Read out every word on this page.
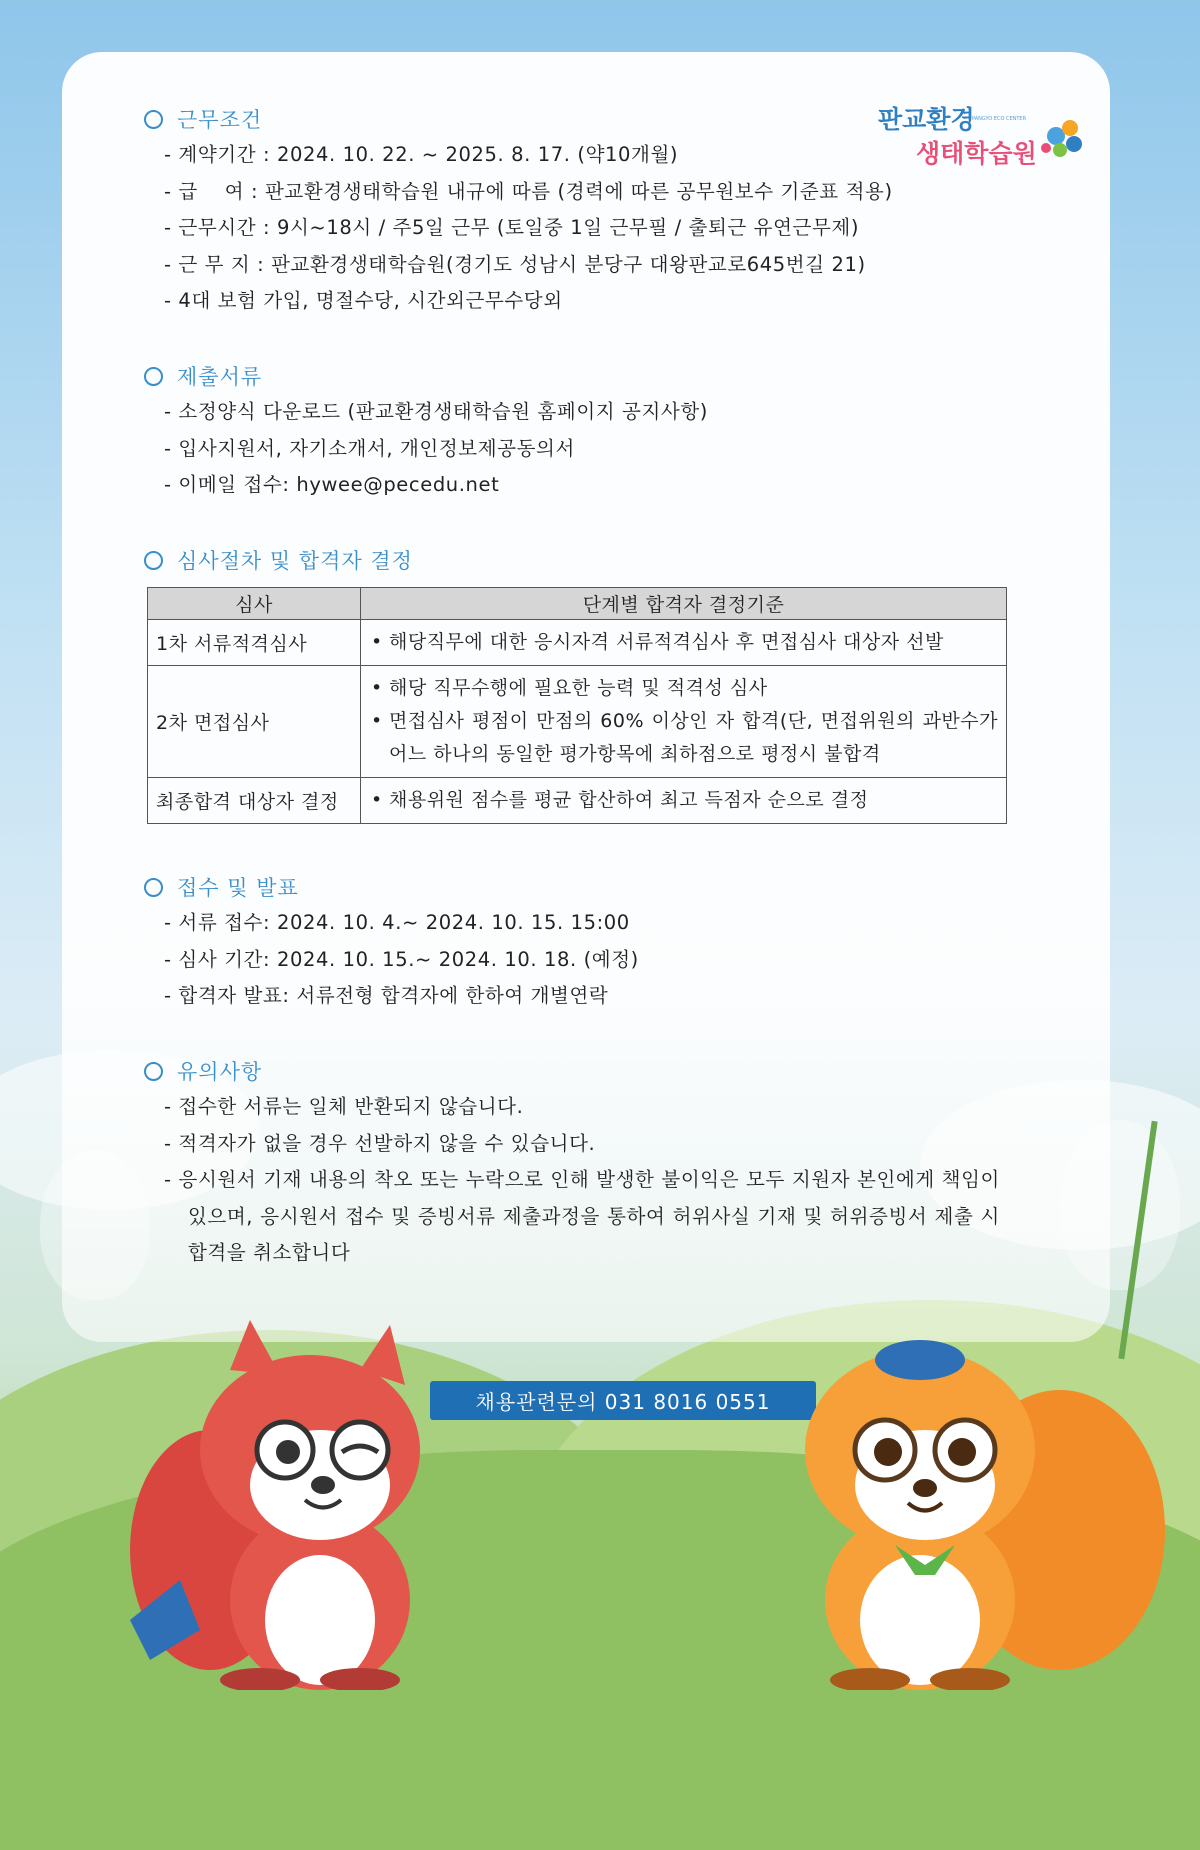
판교환경
PANGYO ECO CENTER
생태학습원
근무조건
- 계약기간 : 2024. 10. 22. ~ 2025. 8. 17. (약10개월)
- 급　 여 : 판교환경생태학습원 내규에 따름 (경력에 따른 공무원보수 기준표 적용)
- 근무시간 : 9시~18시 / 주5일 근무 (토일중 1일 근무필 / 출퇴근 유연근무제)
- 근 무 지 : 판교환경생태학습원(경기도 성남시 분당구 대왕판교로645번길 21)
- 4대 보험 가입, 명절수당, 시간외근무수당외
제출서류
- 소정양식 다운로드 (판교환경생태학습원 홈페이지 공지사항)
- 입사지원서, 자기소개서, 개인정보제공동의서
- 이메일 접수: hywee@pecedu.net
심사절차 및 합격자 결정
심사	단계별 합격자 결정기준
1차 서류적격심사	• 해당직무에 대한 응시자격 서류적격심사 후 면접심사 대상자 선발

2차 면접심사	• 해당 직무수행에 필요한 능력 및 적격성 심사
• 면접심사 평점이 만점의 60% 이상인 자 합격(단, 면접위원의 과반수가 어느 하나의 동일한 평가항목에 최하점으로 평정시 불합격

최종합격 대상자 결정	• 채용위원 점수를 평균 합산하여 최고 득점자 순으로 결정
접수 및 발표
- 서류 접수: 2024. 10. 4.~ 2024. 10. 15. 15:00
- 심사 기간: 2024. 10. 15.~ 2024. 10. 18. (예정)
- 합격자 발표: 서류전형 합격자에 한하여 개별연락
유의사항
- 접수한 서류는 일체 반환되지 않습니다.
- 적격자가 없을 경우 선발하지 않을 수 있습니다.
- 응시원서 기재 내용의 착오 또는 누락으로 인해 발생한 불이익은 모두 지원자 본인에게 책임이 있으며, 응시원서 접수 및 증빙서류 제출과정을 통하여 허위사실 기재 및 허위증빙서 제출 시 합격을 취소합니다
채용관련문의 031 8016 0551
